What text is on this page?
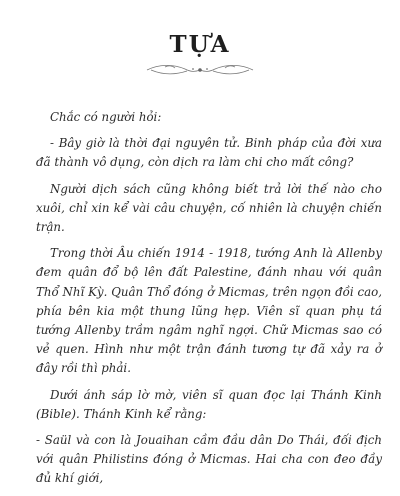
TỰA

Chắc có người hỏi:

- Bây giờ là thời đại nguyên tử. Binh pháp của đời xưa đã thành vô dụng, còn dịch ra làm chi cho mất công?

Người dịch sách cũng không biết trả lời thế nào cho xuôi, chỉ xin kể vài câu chuyện, cố nhiên là chuyện chiến trận.

Trong thời Âu chiến 1914 - 1918, tướng Anh là Allenby đem quân đổ bộ lên đất Palestine, đánh nhau với quân Thổ Nhĩ Kỳ. Quân Thổ đóng ở Micmas, trên ngọn đồi cao, phía bên kia một thung lũng hẹp. Viên sĩ quan phụ tá tướng Allenby trầm ngâm nghĩ ngợi. Chữ Micmas sao có vẻ quen. Hình như một trận đánh tương tự đã xảy ra ở đây rồi thì phải.

Dưới ánh sáp lờ mờ, viên sĩ quan đọc lại Thánh Kinh (Bible). Thánh Kinh kể rằng:

- Saül và con là Jouaihan cầm đầu dân Do Thái, đối địch với quân Philistins đóng ở Micmas. Hai cha con đeo đầy đủ khí giới,
